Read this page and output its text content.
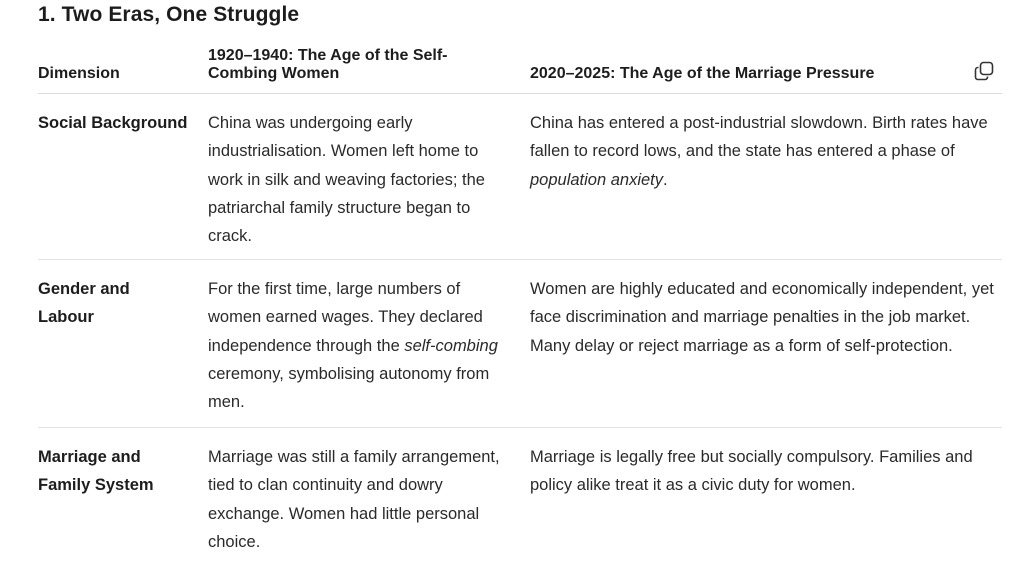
1. Two Eras, One Struggle
Dimension
1920–1940: The Age of the Self-Combing Women	2020–2025: The Age of the Marriage Pressure
Social Background China was undergoing early industrialisation. Women left home to work in silk and weaving factories; the patriarchal family structure began to crack.
China has entered a post-industrial slowdown. Birth rates have fallen to record lows, and the state has entered a phase of population anxiety.
Gender and Labour
For the first time, large numbers of women earned wages. They declared independence through the self-combing ceremony, symbolising autonomy from men.
Women are highly educated and economically independent, yet face discrimination and marriage penalties in the job market. Many delay or reject marriage as a form of self-protection.
Marriage and Family System
Marriage was still a family arrangement, tied to clan continuity and dowry exchange. Women had little personal choice.
Marriage is legally free but socially compulsory. Families and policy alike treat it as a civic duty for women.
